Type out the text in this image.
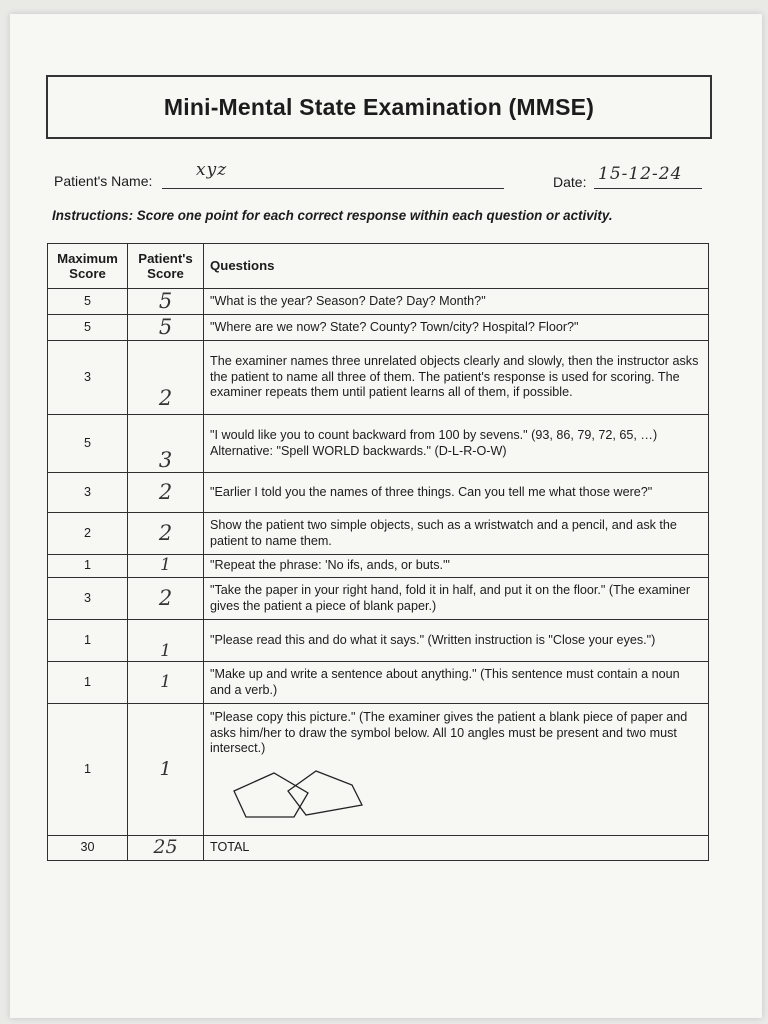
Mini-Mental State Examination (MMSE)
Patient's Name:
xyz
Date: 15-12-24
Instructions: Score one point for each correct response within each question or activity.
Maximum Score	Patient's Score	Questions
5	5	"What is the year? Season? Date? Day? Month?"
5	5	"Where are we now? State? County? Town/city? Hospital? Floor?"
3	2	The examiner names three unrelated objects clearly and slowly, then the instructor asks the patient to name all three of them. The patient's response is used for scoring. The examiner repeats them until patient learns all of them, if possible.
5	3	"I would like you to count backward from 100 by sevens." (93, 86, 79, 72, 65, …)
Alternative: "Spell WORLD backwards." (D-L-R-O-W)

3	2	"Earlier I told you the names of three things. Can you tell me what those were?"
2	2	Show the patient two simple objects, such as a wristwatch and a pencil, and ask the patient to name them.
1	1	"Repeat the phrase: 'No ifs, ands, or buts.'"
3	2	"Take the paper in your right hand, fold it in half, and put it on the floor." (The examiner gives the patient a piece of blank paper.)
1	1	"Please read this and do what it says." (Written instruction is "Close your eyes.")
1	1	"Make up and write a sentence about anything." (This sentence must contain a noun and a verb.)
1	1	"Please copy this picture." (The examiner gives the patient a blank piece of paper and asks him/her to draw the symbol below. All 10 angles must be present and two must intersect.)

30	25	TOTAL
